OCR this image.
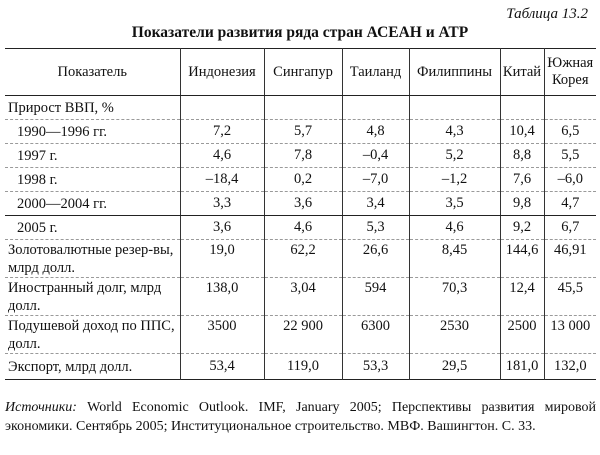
Таблица 13.2
Показатели развития ряда стран АСЕАН и АТР
Показатель	Индонезия	Сингапур	Таиланд	Филиппины	Китай	Южная Корея
Прирост ВВП, %						
1990—1996 гг.	7,2	5,7	4,8	4,3	10,4	6,5
1997 г.	4,6	7,8	–0,4	5,2	8,8	5,5
1998 г.	–18,4	0,2	–7,0	–1,2	7,6	–6,0
2000—2004 гг.	3,3	3,6	3,4	3,5	9,8	4,7
2005 г.	3,6	4,6	5,3	4,6	9,2	6,7
Золотовалютные резер-вы, млрд долл.	19,0	62,2	26,6	8,45	144,6	46,91
Иностранный долг, млрд долл.	138,0	3,04	594	70,3	12,4	45,5
Подушевой доход по ППС, долл.	3500	22 900	6300	2530	2500	13 000
Экспорт, млрд долл.	53,4	119,0	53,3	29,5	181,0	132,0
Источники: World Economic Outlook. IMF, January 2005; Перспективы развития мировой экономики. Сентябрь 2005; Институциональное строительство. МВФ. Вашингтон. С. 33.
